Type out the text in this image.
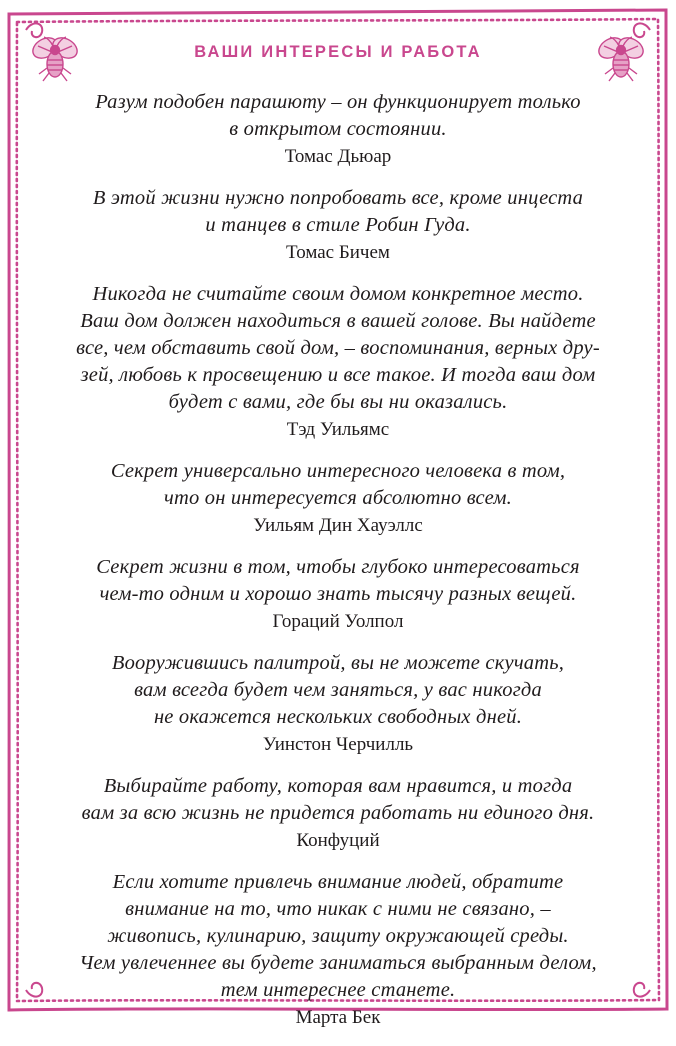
ВАШИ ИНТЕРЕСЫ И РАБОТА
Разум подобен парашюту – он функционирует только
в открытом состоянии.
Томас Дьюар
В этой жизни нужно попробовать все, кроме инцеста
и танцев в стиле Робин Гуда.
Томас Бичем
Никогда не считайте своим домом конкретное место.
Ваш дом должен находиться в вашей голове. Вы найдете
все, чем обставить свой дом, – воспоминания, верных дру-
зей, любовь к просвещению и все такое. И тогда ваш дом
будет с вами, где бы вы ни оказались.
Тэд Уильямс
Секрет универсально интересного человека в том,
что он интересуется абсолютно всем.
Уильям Дин Хауэллс
Секрет жизни в том, чтобы глубоко интересоваться
чем-то одним и хорошо знать тысячу разных вещей.
Гораций Уолпол
Вооружившись палитрой, вы не можете скучать,
вам всегда будет чем заняться, у вас никогда
не окажется нескольких свободных дней.
Уинстон Черчилль
Выбирайте работу, которая вам нравится, и тогда
вам за всю жизнь не придется работать ни единого дня.
Конфуций
Если хотите привлечь внимание людей, обратите
внимание на то, что никак с ними не связано, –
живопись, кулинарию, защиту окружающей среды.
Чем увлеченнее вы будете заниматься выбранным делом,
тем интереснее станете.
Марта Бек
